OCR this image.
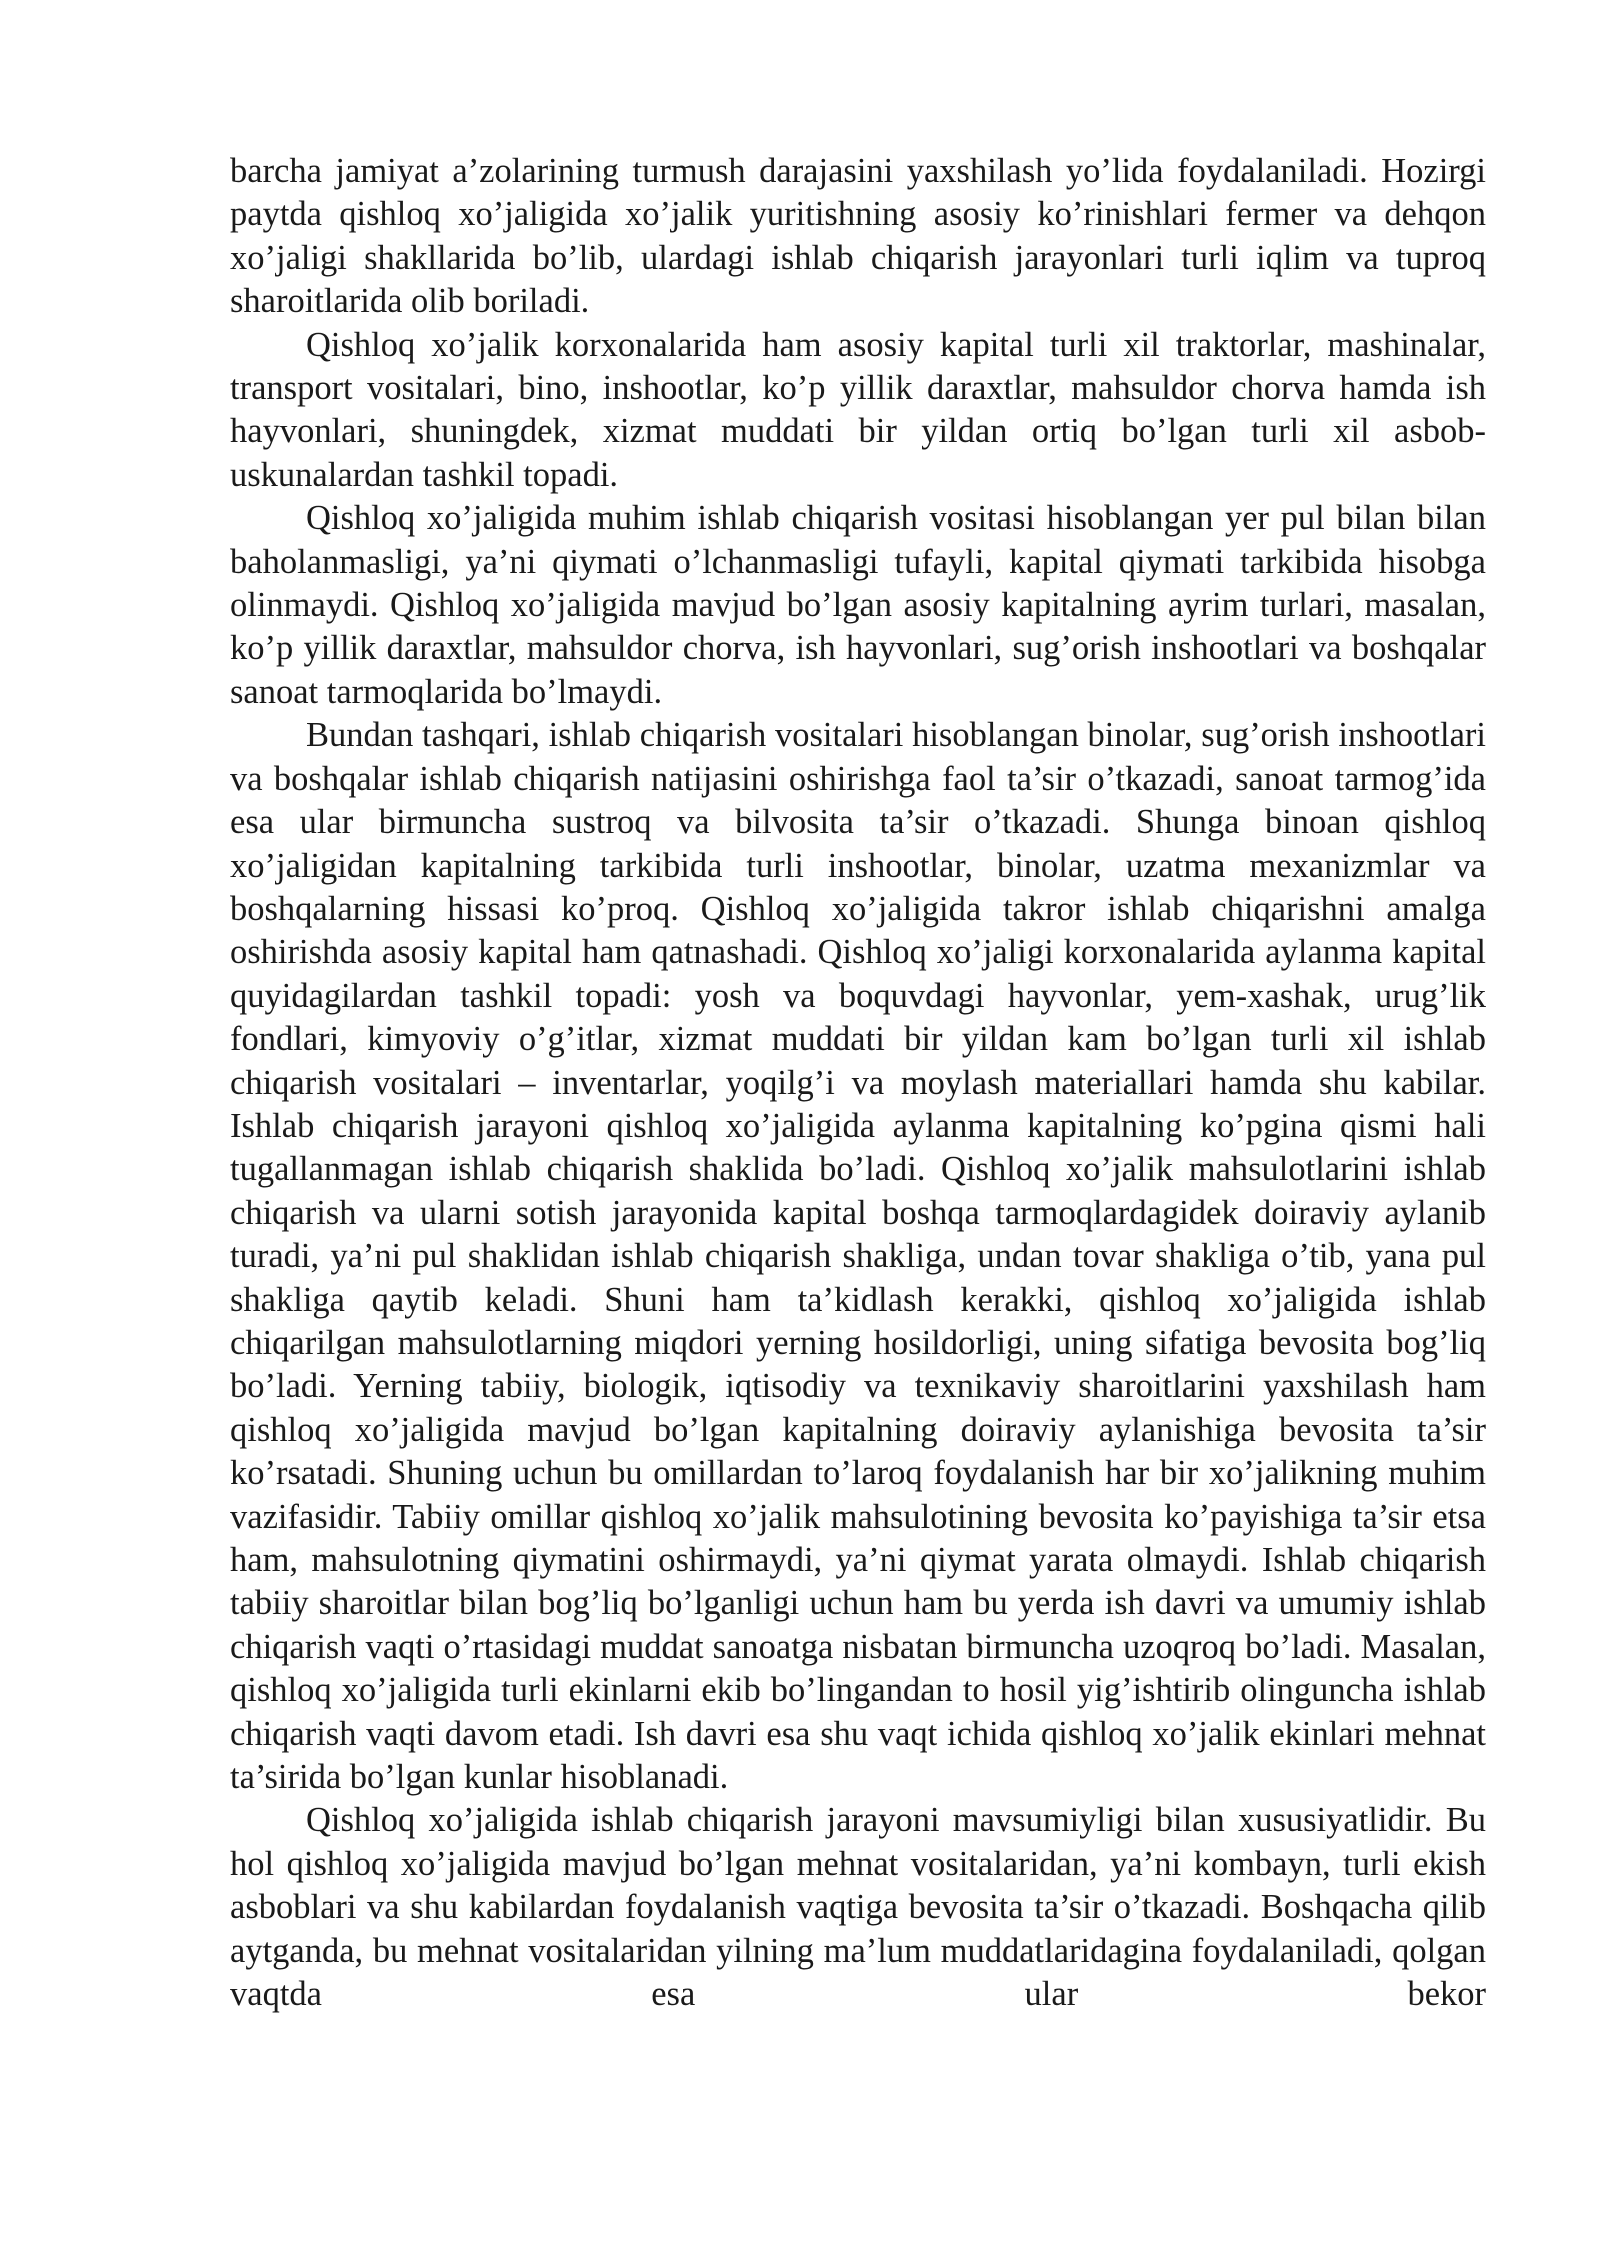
barcha jamiyat a’zolarining turmush darajasini yaxshilash yo’lida foydalaniladi. Hozirgi paytda qishloq xo’jaligida xo’jalik yuritishning asosiy ko’rinishlari fermer va dehqon xo’jaligi shakllarida bo’lib, ulardagi ishlab chiqarish jarayonlari turli iqlim va tuproq sharoitlarida olib boriladi.

Qishloq xo’jalik korxonalarida ham asosiy kapital turli xil traktorlar, mashinalar, transport vositalari, bino, inshootlar, ko’p yillik daraxtlar, mahsuldor chorva hamda ish hayvonlari, shuningdek, xizmat muddati bir yildan ortiq bo’lgan turli xil asbob-uskunalardan tashkil topadi.

Qishloq xo’jaligida muhim ishlab chiqarish vositasi hisoblangan yer pul bilan bilan baholanmasligi, ya’ni qiymati o’lchanmasligi tufayli, kapital qiymati tarkibida hisobga olinmaydi. Qishloq xo’jaligida mavjud bo’lgan asosiy kapitalning ayrim turlari, masalan, ko’p yillik daraxtlar, mahsuldor chorva, ish hayvonlari, sug’orish inshootlari va boshqalar sanoat tarmoqlarida bo’lmaydi.

Bundan tashqari, ishlab chiqarish vositalari hisoblangan binolar, sug’orish inshootlari va boshqalar ishlab chiqarish natijasini oshirishga faol ta’sir o’tkazadi, sanoat tarmog’ida esa ular birmuncha sustroq va bilvosita ta’sir o’tkazadi. Shunga binoan qishloq xo’jaligidan kapitalning tarkibida turli inshootlar, binolar, uzatma mexanizmlar va boshqalarning hissasi ko’proq. Qishloq xo’jaligida takror ishlab chiqarishni amalga oshirishda asosiy kapital ham qatnashadi. Qishloq xo’jaligi korxonalarida aylanma kapital quyidagilardan tashkil topadi: yosh va boquvdagi hayvonlar, yem-xashak, urug’lik fondlari, kimyoviy o’g’itlar, xizmat muddati bir yildan kam bo’lgan turli xil ishlab chiqarish vositalari – inventarlar, yoqilg’i va moylash materiallari hamda shu kabilar. Ishlab chiqarish jarayoni qishloq xo’jaligida aylanma kapitalning ko’pgina qismi hali tugallanmagan ishlab chiqarish shaklida bo’ladi. Qishloq xo’jalik mahsulotlarini ishlab chiqarish va ularni sotish jarayonida kapital boshqa tarmoqlardagidek doiraviy aylanib turadi, ya’ni pul shaklidan ishlab chiqarish shakliga, undan tovar shakliga o’tib, yana pul shakliga qaytib keladi. Shuni ham ta’kidlash kerakki, qishloq xo’jaligida ishlab chiqarilgan mahsulotlarning miqdori yerning hosildorligi, uning sifatiga bevosita bog’liq bo’ladi. Yerning tabiiy, biologik, iqtisodiy va texnikaviy sharoitlarini yaxshilash ham qishloq xo’jaligida mavjud bo’lgan kapitalning doiraviy aylanishiga bevosita ta’sir ko’rsatadi. Shuning uchun bu omillardan to’laroq foydalanish har bir xo’jalikning muhim vazifasidir. Tabiiy omillar qishloq xo’jalik mahsulotining bevosita ko’payishiga ta’sir etsa ham, mahsulotning qiymatini oshirmaydi, ya’ni qiymat yarata olmaydi. Ishlab chiqarish tabiiy sharoitlar bilan bog’liq bo’lganligi uchun ham bu yerda ish davri va umumiy ishlab chiqarish vaqti o’rtasidagi muddat sanoatga nisbatan birmuncha uzoqroq bo’ladi. Masalan, qishloq xo’jaligida turli ekinlarni ekib bo’lingandan to hosil yig’ishtirib olinguncha ishlab chiqarish vaqti davom etadi. Ish davri esa shu vaqt ichida qishloq xo’jalik ekinlari mehnat ta’sirida bo’lgan kunlar hisoblanadi.

Qishloq xo’jaligida ishlab chiqarish jarayoni mavsumiyligi bilan xususiyatlidir. Bu hol qishloq xo’jaligida mavjud bo’lgan mehnat vositalaridan, ya’ni kombayn, turli ekish asboblari va shu kabilardan foydalanish vaqtiga bevosita ta’sir o’tkazadi. Boshqacha qilib aytganda, bu mehnat vositalaridan yilning ma’lum muddatlaridagina foydalaniladi, qolgan vaqtda esa ular bekor
